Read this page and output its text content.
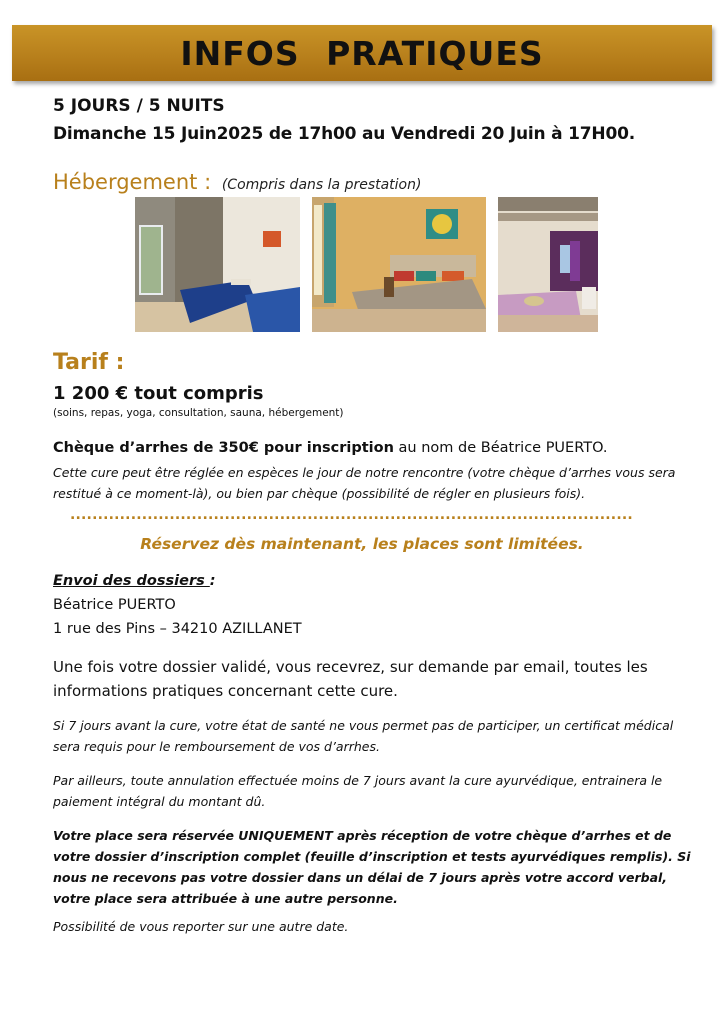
INFOS PRATIQUES
5 JOURS / 5 NUITS
Dimanche 15 Juin2025 de 17h00 au Vendredi 20 Juin à 17H00.
Hébergement : (Compris dans la prestation)
Tarif :
1 200 € tout compris
(soins, repas, yoga, consultation, sauna, hébergement)
Chèque d’arrhes de 350€ pour inscription au nom de Béatrice PUERTO.
Cette cure peut être réglée en espèces le jour de notre rencontre (votre chèque d’arrhes vous sera restitué à ce moment-là), ou bien par chèque (possibilité de régler en plusieurs fois).
......................................................................................................
Réservez dès maintenant, les places sont limitées.
Envoi des dossiers :
Béatrice PUERTO
1 rue des Pins – 34210 AZILLANET
Une fois votre dossier validé, vous recevrez, sur demande par email, toutes les informations pratiques concernant cette cure.
Si 7 jours avant la cure, votre état de santé ne vous permet pas de participer, un certificat médical sera requis pour le remboursement de vos d’arrhes.
Par ailleurs, toute annulation effectuée moins de 7 jours avant la cure ayurvédique, entrainera le paiement intégral du montant dû.
Votre place sera réservée UNIQUEMENT après réception de votre chèque d’arrhes et de votre dossier d’inscription complet (feuille d’inscription et tests ayurvédiques remplis). Si nous ne recevons pas votre dossier dans un délai de 7 jours après votre accord verbal, votre place sera attribuée à une autre personne.
Possibilité de vous reporter sur une autre date.
